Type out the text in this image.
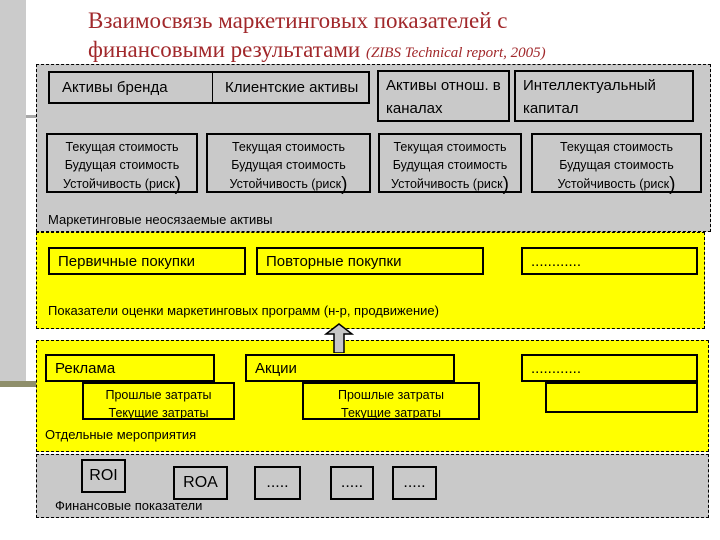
Взаимосвязь маркетинговых показателей с
финансовыми результатами (ZIBS Technical report, 2005)
Активы бренда	Клиентские активы	Активы отнош. в каналах
Интеллектуальный капитал
Текущая стоимость
Будущая стоимость
Устойчивость (риск)
Текущая стоимость
Будущая стоимость
Устойчивость (риск)
Текущая стоимость
Будущая стоимость
Устойчивость (риск)
Текущая стоимость
Будущая стоимость
Устойчивость (риск)
Маркетинговые неосязаемые активы
Первичные покупки	Повторные покупки	............
Показатели оценки маркетинговых программ (н-р, продвижение)
Реклама	Акции	............
Прошлые затраты
Текущие затраты
Прошлые затраты
Текущие затраты
Отдельные мероприятия
ROI	ROA	.....	.....	.....
Финансовые показатели
